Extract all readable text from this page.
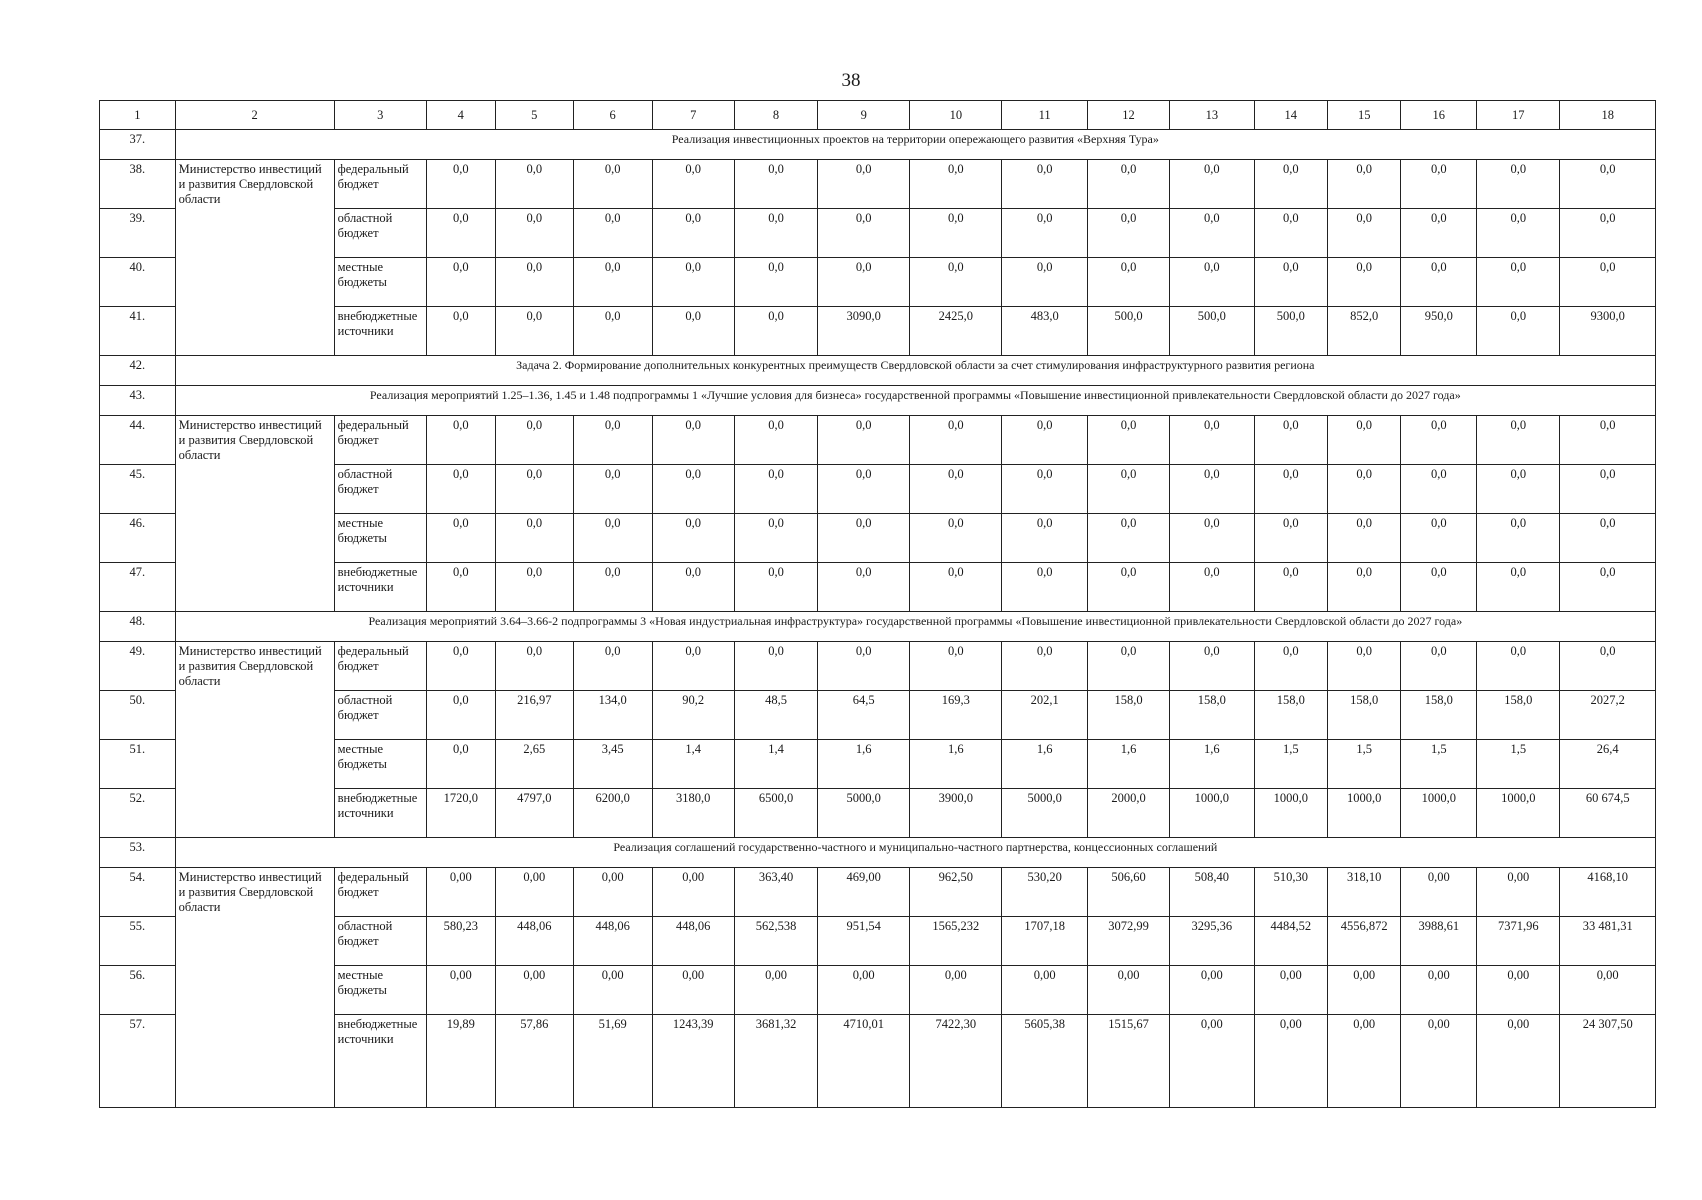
38
1	2	3	4	5	6	7	8	9	10	11	12	13	14	15	16	17	18
37.	Реализация инвестиционных проектов на территории опережающего развития «Верхняя Тура»																
38.	Министерство инвестиций и развития Свердловской области	федеральный бюджет	0,0	0,0	0,0	0,0	0,0	0,0	0,0	0,0	0,0	0,0	0,0	0,0	0,0	0,0	0,0
39.		областной бюджет	0,0	0,0	0,0	0,0	0,0	0,0	0,0	0,0	0,0	0,0	0,0	0,0	0,0	0,0	0,0
40.		местные бюджеты	0,0	0,0	0,0	0,0	0,0	0,0	0,0	0,0	0,0	0,0	0,0	0,0	0,0	0,0	0,0
41.		внебюджетные источники	0,0	0,0	0,0	0,0	0,0	3090,0	2425,0	483,0	500,0	500,0	500,0	852,0	950,0	0,0	9300,0
42.	Задача 2. Формирование дополнительных конкурентных преимуществ Свердловской области за счет стимулирования инфраструктурного развития региона																
43.	Реализация мероприятий 1.25–1.36, 1.45 и 1.48 подпрограммы 1 «Лучшие условия для бизнеса» государственной программы «Повышение инвестиционной привлекательности Свердловской области до 2027 года»																
44.	Министерство инвестиций и развития Свердловской области	федеральный бюджет	0,0	0,0	0,0	0,0	0,0	0,0	0,0	0,0	0,0	0,0	0,0	0,0	0,0	0,0	0,0
45.		областной бюджет	0,0	0,0	0,0	0,0	0,0	0,0	0,0	0,0	0,0	0,0	0,0	0,0	0,0	0,0	0,0
46.		местные бюджеты	0,0	0,0	0,0	0,0	0,0	0,0	0,0	0,0	0,0	0,0	0,0	0,0	0,0	0,0	0,0
47.		внебюджетные источники	0,0	0,0	0,0	0,0	0,0	0,0	0,0	0,0	0,0	0,0	0,0	0,0	0,0	0,0	0,0
48.	Реализация мероприятий 3.64–3.66-2 подпрограммы 3 «Новая индустриальная инфраструктура» государственной программы «Повышение инвестиционной привлекательности Свердловской области до 2027 года»																
49.	Министерство инвестиций и развития Свердловской области	федеральный бюджет	0,0	0,0	0,0	0,0	0,0	0,0	0,0	0,0	0,0	0,0	0,0	0,0	0,0	0,0	0,0
50.		областной бюджет	0,0	216,97	134,0	90,2	48,5	64,5	169,3	202,1	158,0	158,0	158,0	158,0	158,0	158,0	2027,2
51.		местные бюджеты	0,0	2,65	3,45	1,4	1,4	1,6	1,6	1,6	1,6	1,6	1,5	1,5	1,5	1,5	26,4
52.		внебюджетные источники	1720,0	4797,0	6200,0	3180,0	6500,0	5000,0	3900,0	5000,0	2000,0	1000,0	1000,0	1000,0	1000,0	1000,0	60 674,5
53.	Реализация соглашений государственно-частного и муниципально-частного партнерства, концессионных соглашений																
54.	Министерство инвестиций и развития Свердловской области	федеральный бюджет	0,00	0,00	0,00	0,00	363,40	469,00	962,50	530,20	506,60	508,40	510,30	318,10	0,00	0,00	4168,10
55.		областной бюджет	580,23	448,06	448,06	448,06	562,538	951,54	1565,232	1707,18	3072,99	3295,36	4484,52	4556,872	3988,61	7371,96	33 481,31
56.		местные бюджеты	0,00	0,00	0,00	0,00	0,00	0,00	0,00	0,00	0,00	0,00	0,00	0,00	0,00	0,00	0,00
57.		внебюджетные источники	19,89	57,86	51,69	1243,39	3681,32	4710,01	7422,30	5605,38	1515,67	0,00	0,00	0,00	0,00	0,00	24 307,50
